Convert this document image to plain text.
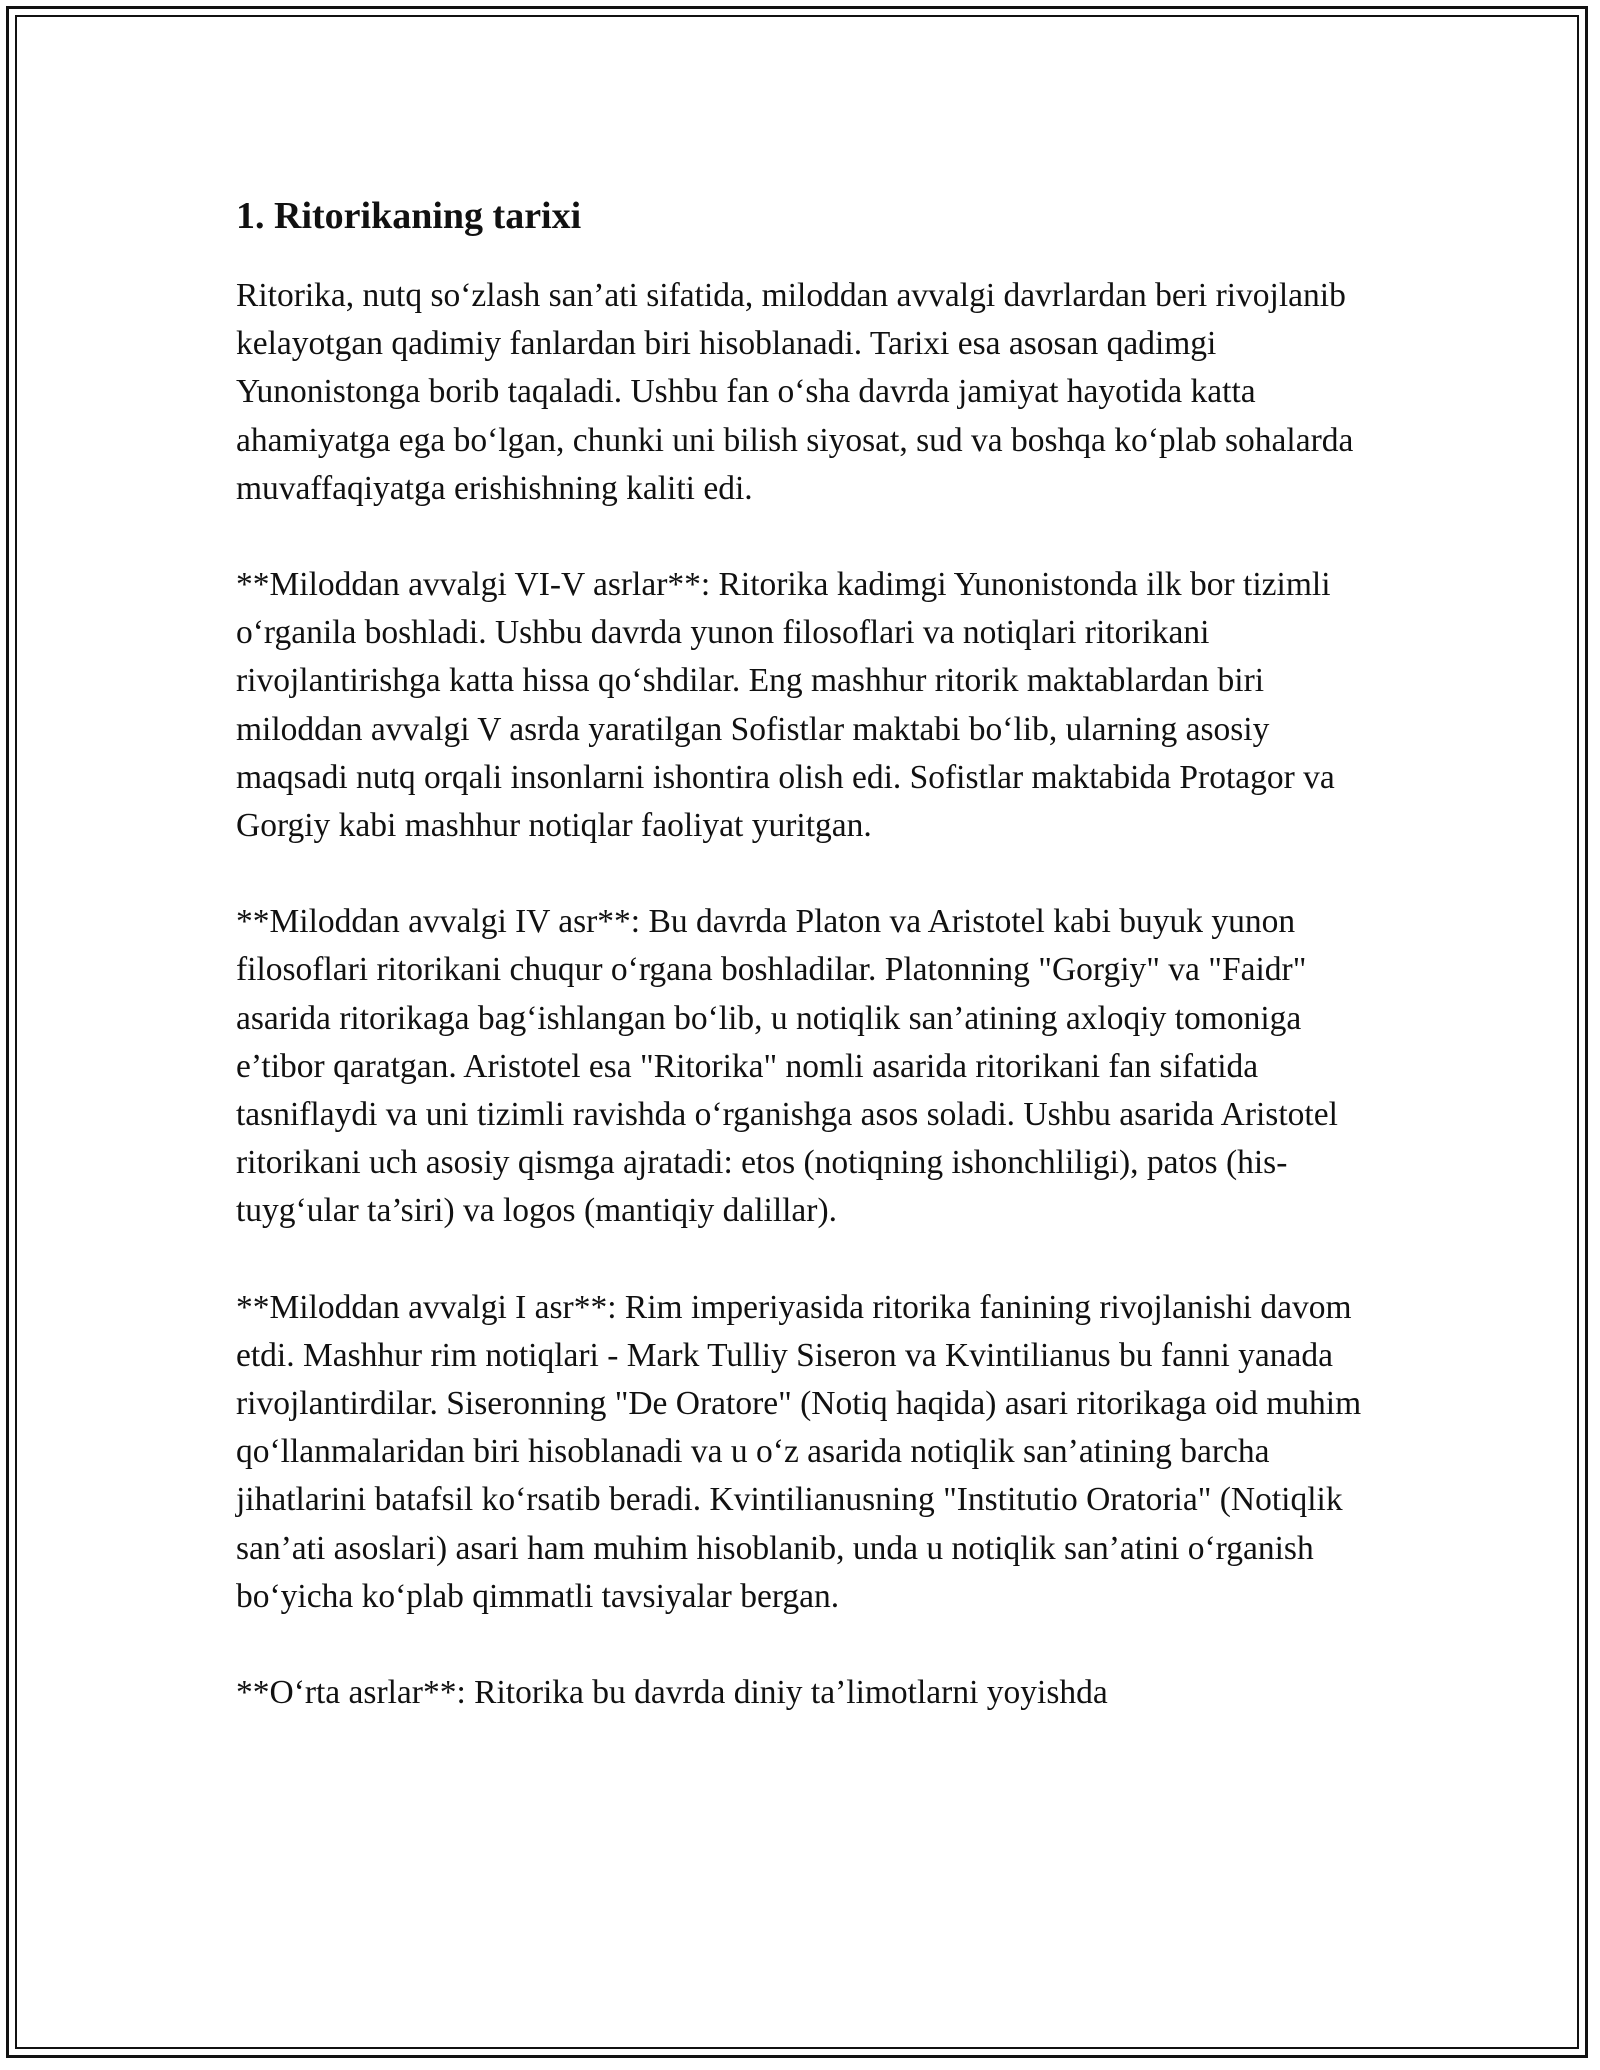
1. Ritorikaning tarixi

Ritorika, nutq so‘zlash san’ati sifatida, miloddan avvalgi davrlardan beri rivojlanib kelayotgan qadimiy fanlardan biri hisoblanadi. Tarixi esa asosan qadimgi Yunonistonga borib taqaladi. Ushbu fan o‘sha davrda jamiyat hayotida katta ahamiyatga ega bo‘lgan, chunki uni bilish siyosat, sud va boshqa ko‘plab sohalarda muvaffaqiyatga erishishning kaliti edi.

**Miloddan avvalgi VI-V asrlar**: Ritorika kadimgi Yunonistonda ilk bor tizimli o‘rganila boshladi. Ushbu davrda yunon filosoflari va notiqlari ritorikani rivojlantirishga katta hissa qo‘shdilar. Eng mashhur ritorik maktablardan biri miloddan avvalgi V asrda yaratilgan Sofistlar maktabi bo‘lib, ularning asosiy maqsadi nutq orqali insonlarni ishontira olish edi. Sofistlar maktabida Protagor va Gorgiy kabi mashhur notiqlar faoliyat yuritgan.

**Miloddan avvalgi IV asr**: Bu davrda Platon va Aristotel kabi buyuk yunon filosoflari ritorikani chuqur o‘rgana boshladilar. Platonning "Gorgiy" va "Faidr" asarida ritorikaga bag‘ishlangan bo‘lib, u notiqlik san’atining axloqiy tomoniga e’tibor qaratgan. Aristotel esa "Ritorika" nomli asarida ritorikani fan sifatida tasniflaydi va uni tizimli ravishda o‘rganishga asos soladi. Ushbu asarida Aristotel ritorikani uch asosiy qismga ajratadi: etos (notiqning ishonchliligi), patos (his-tuyg‘ular ta’siri) va logos (mantiqiy dalillar).

**Miloddan avvalgi I asr**: Rim imperiyasida ritorika fanining rivojlanishi davom etdi. Mashhur rim notiqlari - Mark Tulliy Siseron va Kvintilianus bu fanni yanada rivojlantirdilar. Siseronning "De Oratore" (Notiq haqida) asari ritorikaga oid muhim qo‘llanmalaridan biri hisoblanadi va u o‘z asarida notiqlik san’atining barcha jihatlarini batafsil ko‘rsatib beradi. Kvintilianusning "Institutio Oratoria" (Notiqlik san’ati asoslari) asari ham muhim hisoblanib, unda u notiqlik san’atini o‘rganish bo‘yicha ko‘plab qimmatli tavsiyalar bergan.

**O‘rta asrlar**: Ritorika bu davrda diniy ta’limotlarni yoyishda
